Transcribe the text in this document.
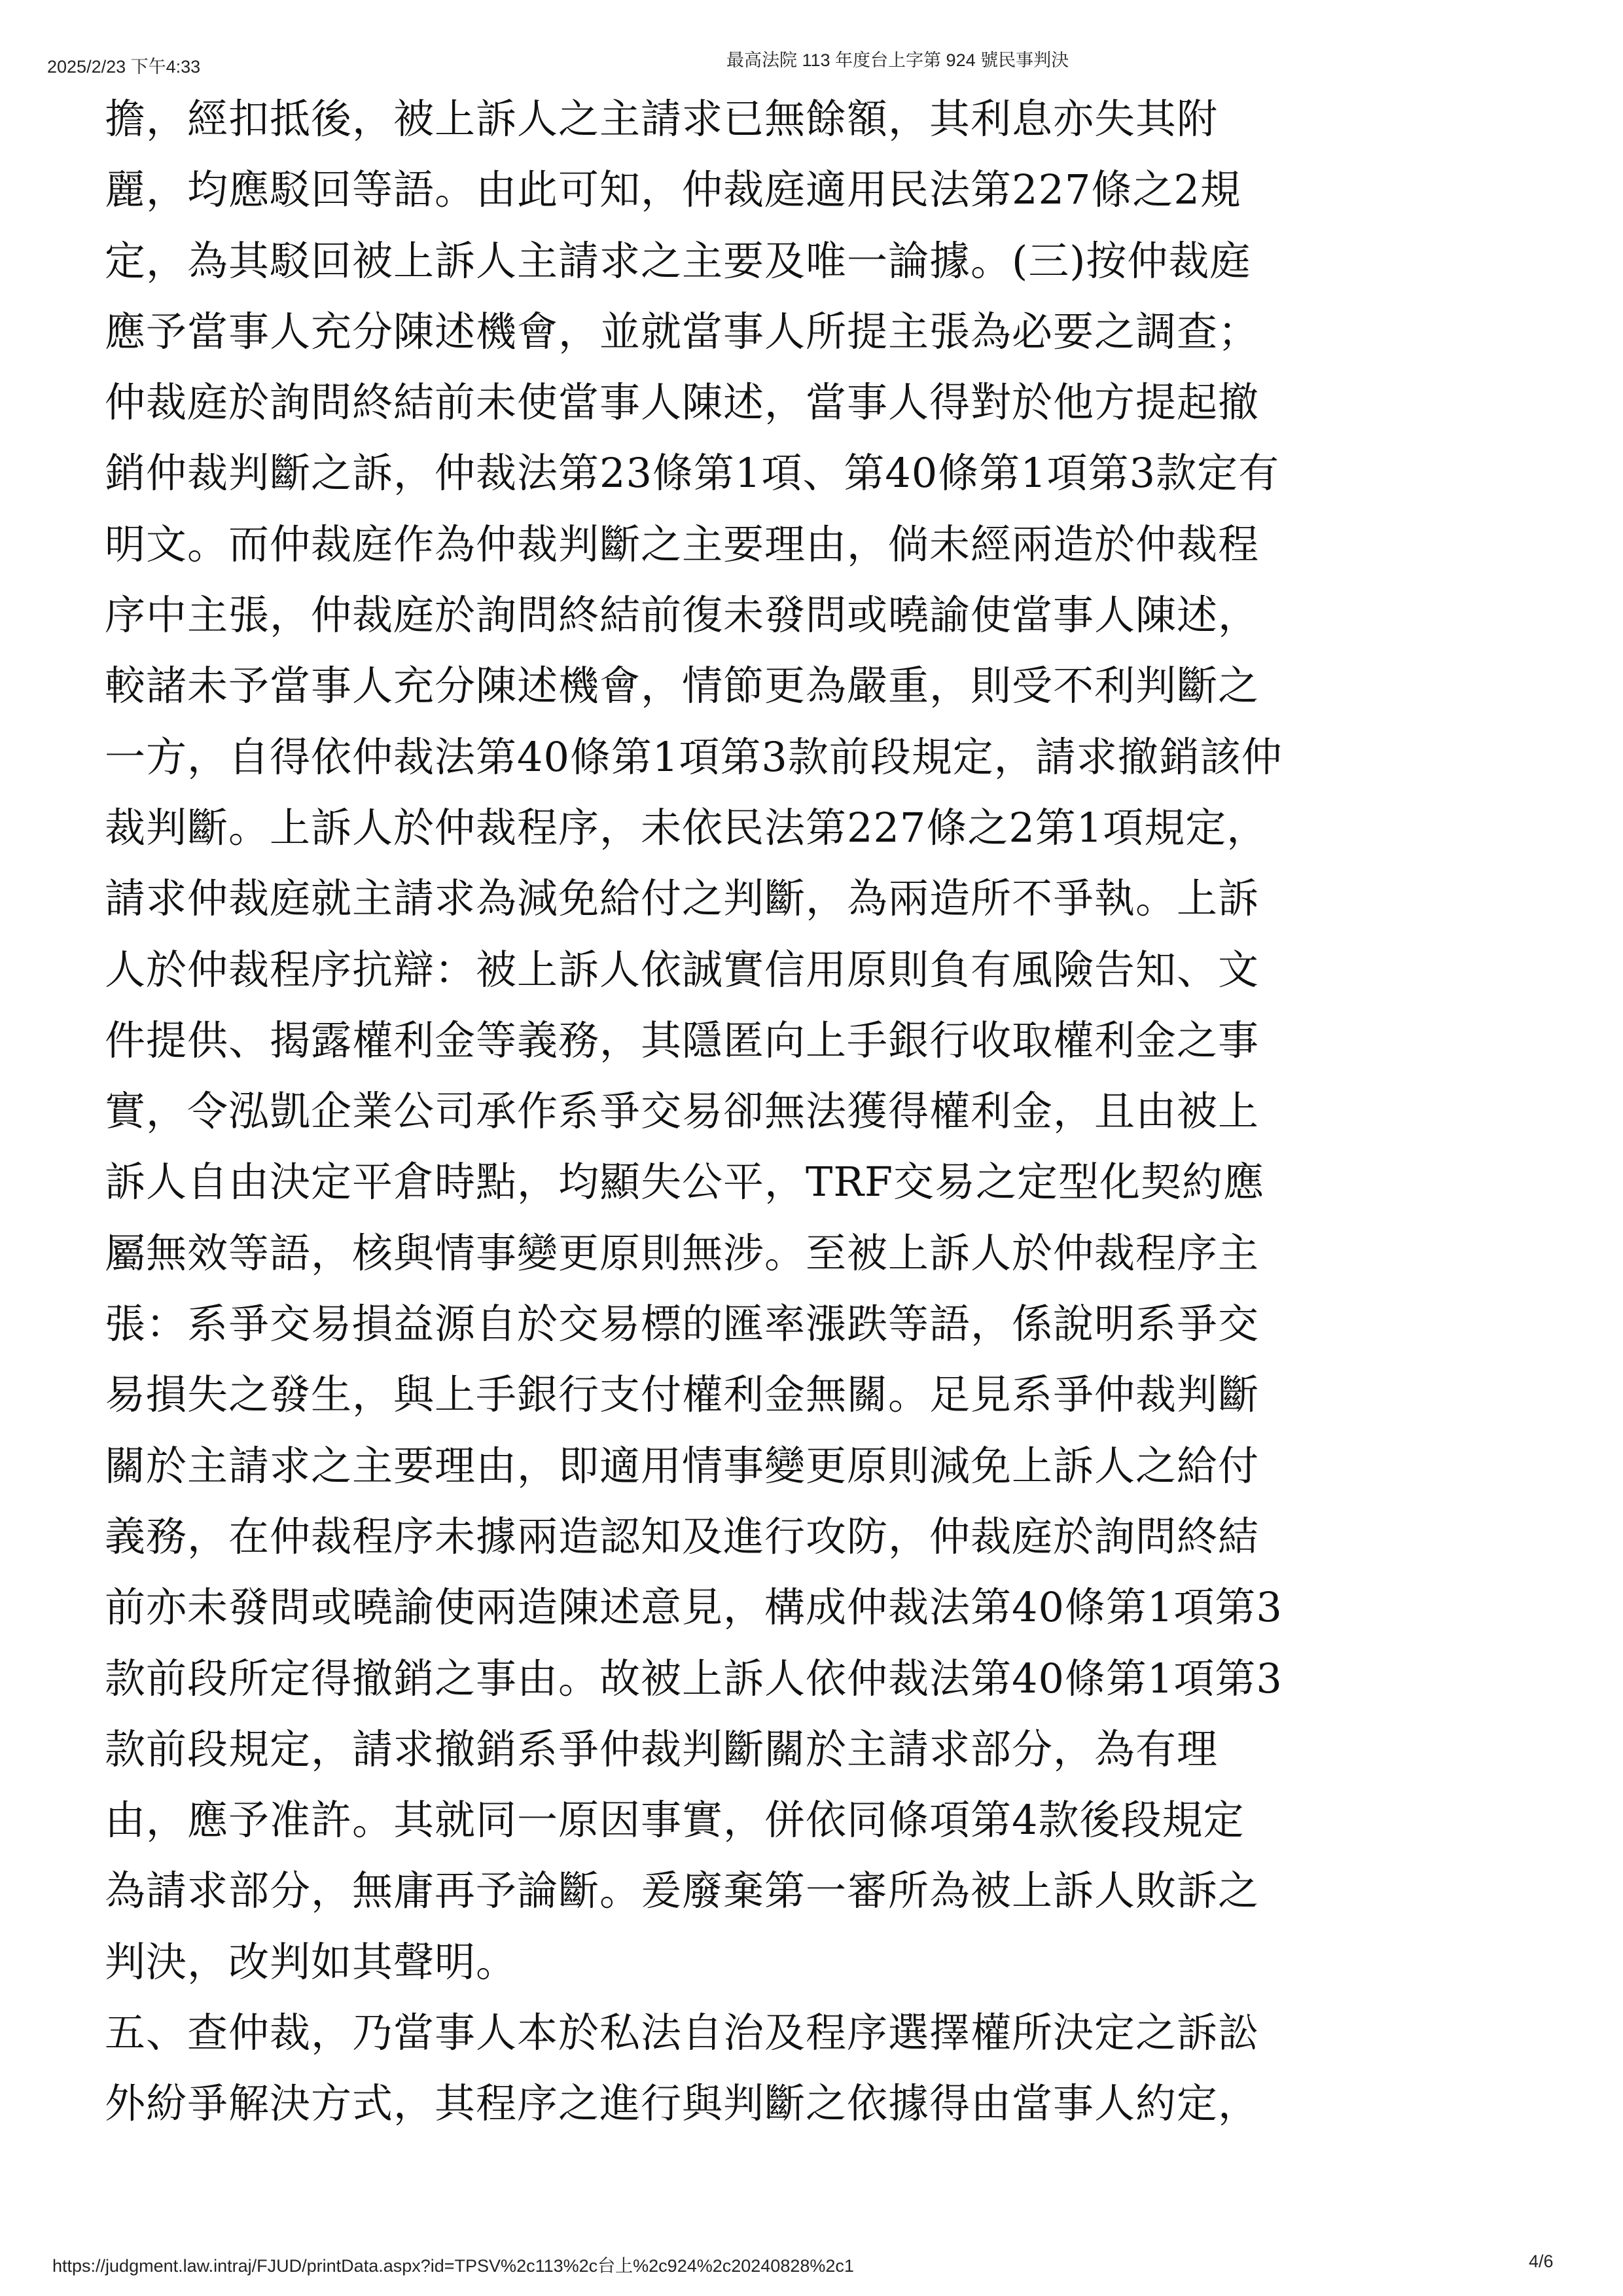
2025/2/23 下午4:33	最高法院 113 年度台上字第 924 號民事判決
擔，經扣抵後，被上訴人之主請求已無餘額，其利息亦失其附
麗，均應駁回等語。由此可知，仲裁庭適用民法第227條之2規
定，為其駁回被上訴人主請求之主要及唯一論據。(三)按仲裁庭
應予當事人充分陳述機會，並就當事人所提主張為必要之調查；
仲裁庭於詢問終結前未使當事人陳述，當事人得對於他方提起撤
銷仲裁判斷之訴，仲裁法第23條第1項、第40條第1項第3款定有
明文。而仲裁庭作為仲裁判斷之主要理由，倘未經兩造於仲裁程
序中主張，仲裁庭於詢問終結前復未發問或曉諭使當事人陳述，
較諸未予當事人充分陳述機會，情節更為嚴重，則受不利判斷之
一方，自得依仲裁法第40條第1項第3款前段規定，請求撤銷該仲
裁判斷。上訴人於仲裁程序，未依民法第227條之2第1項規定，
請求仲裁庭就主請求為減免給付之判斷，為兩造所不爭執。上訴
人於仲裁程序抗辯：被上訴人依誠實信用原則負有風險告知、文
件提供、揭露權利金等義務，其隱匿向上手銀行收取權利金之事
實，令泓凱企業公司承作系爭交易卻無法獲得權利金，且由被上
訴人自由決定平倉時點，均顯失公平，TRF交易之定型化契約應
屬無效等語，核與情事變更原則無涉。至被上訴人於仲裁程序主
張：系爭交易損益源自於交易標的匯率漲跌等語，係說明系爭交
易損失之發生，與上手銀行支付權利金無關。足見系爭仲裁判斷
關於主請求之主要理由，即適用情事變更原則減免上訴人之給付
義務，在仲裁程序未據兩造認知及進行攻防，仲裁庭於詢問終結
前亦未發問或曉諭使兩造陳述意見，構成仲裁法第40條第1項第3
款前段所定得撤銷之事由。故被上訴人依仲裁法第40條第1項第3
款前段規定，請求撤銷系爭仲裁判斷關於主請求部分，為有理
由，應予准許。其就同一原因事實，併依同條項第4款後段規定
為請求部分，無庸再予論斷。爰廢棄第一審所為被上訴人敗訴之
判決，改判如其聲明。
五、查仲裁，乃當事人本於私法自治及程序選擇權所決定之訴訟
外紛爭解決方式，其程序之進行與判斷之依據得由當事人約定，
https://judgment.law.intraj/FJUD/printData.aspx?id=TPSV%2c113%2c台上%2c924%2c20240828%2c1	4/6
